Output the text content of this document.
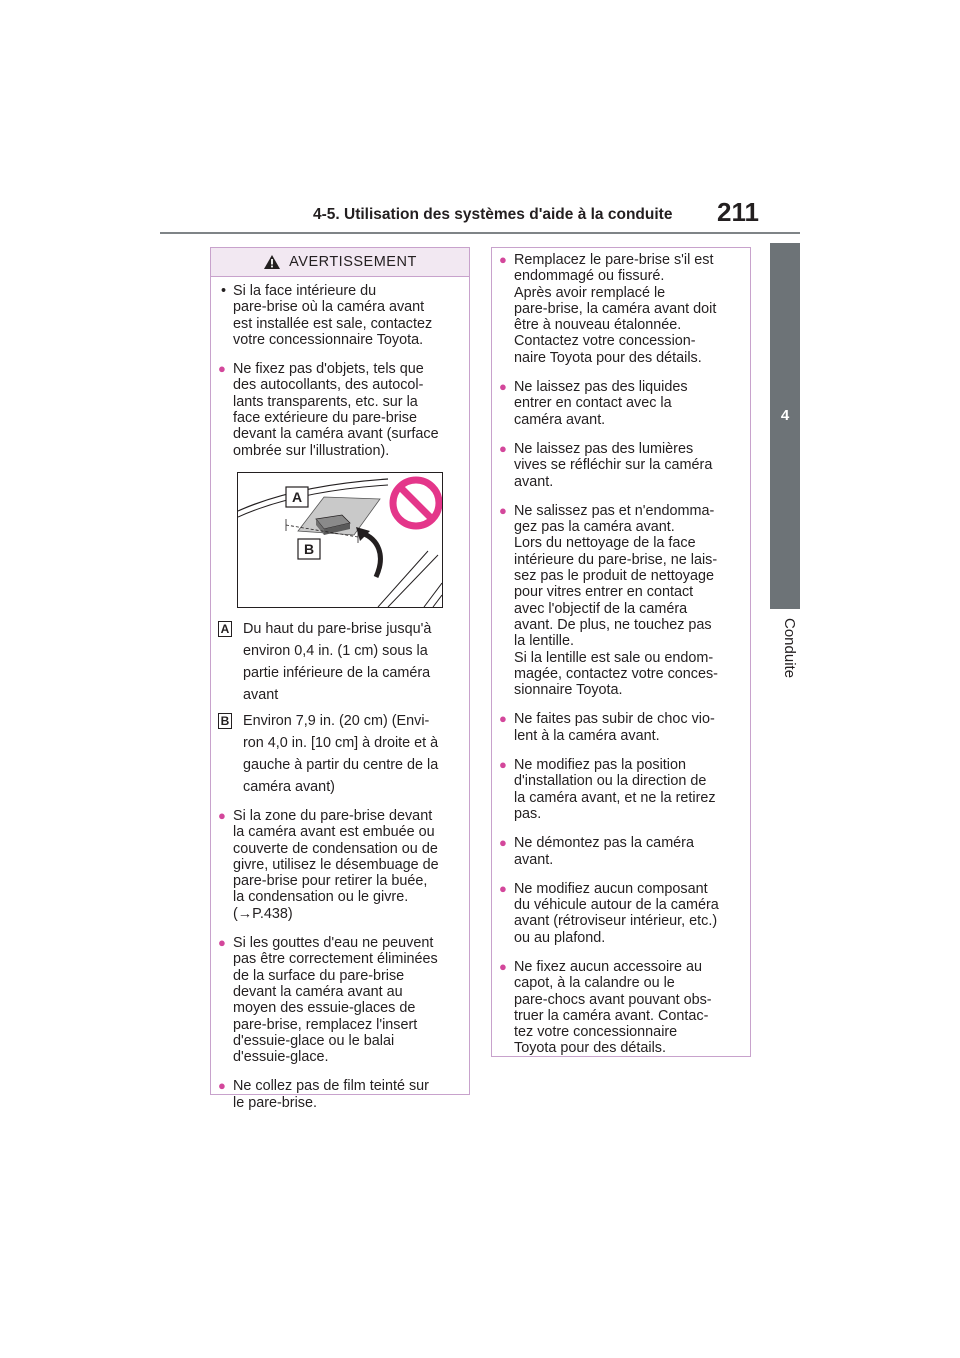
4-5. Utilisation des systèmes d'aide à la conduite 211
4
Conduite
AVERTISSEMENT
• Si la face intérieure du
pare-brise où la caméra avant
est installée est sale, contactez
votre concessionnaire Toyota.
● Ne fixez pas d'objets, tels que
des autocollants, des autocol-
lants transparents, etc. sur la
face extérieure du pare-brise
devant la caméra avant (surface
ombrée sur l'illustration).
A
B
A Du haut du pare-brise jusqu'à
environ 0,4 in. (1 cm) sous la
partie inférieure de la caméra
avant
B Environ 7,9 in. (20 cm) (Envi-
ron 4,0 in. [10 cm] à droite et à
gauche à partir du centre de la
caméra avant)
● Si la zone du pare-brise devant
la caméra avant est embuée ou
couverte de condensation ou de
givre, utilisez le désembuage de
pare-brise pour retirer la buée,
la condensation ou le givre.
(→P.438)
● Si les gouttes d'eau ne peuvent
pas être correctement éliminées
de la surface du pare-brise
devant la caméra avant au
moyen des essuie-glaces de
pare-brise, remplacez l'insert
d'essuie-glace ou le balai
d'essuie-glace.
● Ne collez pas de film teinté sur
le pare-brise.
● Remplacez le pare-brise s'il est
endommagé ou fissuré.
Après avoir remplacé le
pare-brise, la caméra avant doit
être à nouveau étalonnée.
Contactez votre concession-
naire Toyota pour des détails.
● Ne laissez pas des liquides
entrer en contact avec la
caméra avant.
● Ne laissez pas des lumières
vives se réfléchir sur la caméra
avant.
● Ne salissez pas et n'endomma-
gez pas la caméra avant.
Lors du nettoyage de la face
intérieure du pare-brise, ne lais-
sez pas le produit de nettoyage
pour vitres entrer en contact
avec l'objectif de la caméra
avant. De plus, ne touchez pas
la lentille.
Si la lentille est sale ou endom-
magée, contactez votre conces-
sionnaire Toyota.
● Ne faites pas subir de choc vio-
lent à la caméra avant.
● Ne modifiez pas la position
d'installation ou la direction de
la caméra avant, et ne la retirez
pas.
● Ne démontez pas la caméra
avant.
● Ne modifiez aucun composant
du véhicule autour de la caméra
avant (rétroviseur intérieur, etc.)
ou au plafond.
● Ne fixez aucun accessoire au
capot, à la calandre ou le
pare-chocs avant pouvant obs-
truer la caméra avant. Contac-
tez votre concessionnaire
Toyota pour des détails.
